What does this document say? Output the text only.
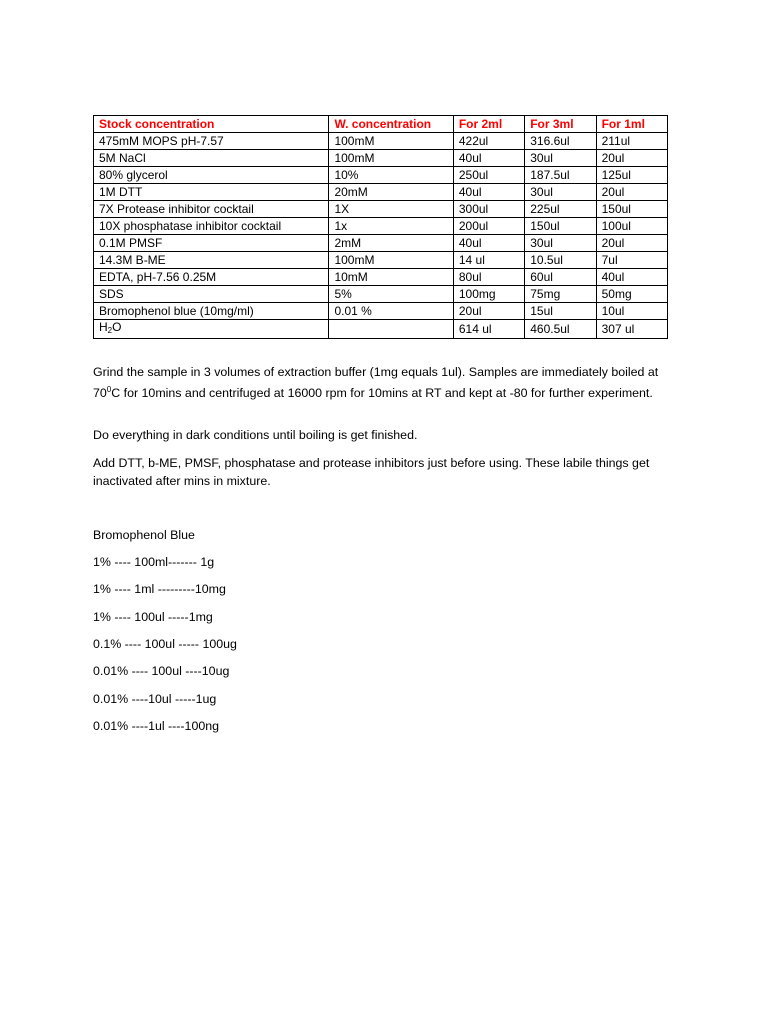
Stock concentration	W. concentration	For 2ml	For 3ml	For 1ml
475mM MOPS pH-7.57	100mM	422ul	316.6ul	211ul
5M NaCl	100mM	40ul	30ul	20ul
80% glycerol	10%	250ul	187.5ul	125ul
1M DTT	20mM	40ul	30ul	20ul
7X Protease inhibitor cocktail	1X	300ul	225ul	150ul
10X phosphatase inhibitor cocktail	1x	200ul	150ul	100ul
0.1M PMSF	2mM	40ul	30ul	20ul
14.3M B-ME	100mM	14 ul	10.5ul	7ul
EDTA, pH-7.56 0.25M	10mM	80ul	60ul	40ul
SDS	5%	100mg	75mg	50mg
Bromophenol blue (10mg/ml)	0.01 %	20ul	15ul	10ul
$H_2O$		614 ul	460.5ul	307 ul
Grind the sample in 3 volumes of extraction buffer (1mg equals 1ul). Samples are immediately boiled at $70^0C$ for 10mins and centrifuged at 16000 rpm for 10mins at RT and kept at -80 for further experiment.
Do everything in dark conditions until boiling is get finished.
Add DTT, b-ME, PMSF, phosphatase and protease inhibitors just before using. These labile things get inactivated after mins in mixture.
Bromophenol Blue
1% ---- 100ml------- 1g
1% ---- 1ml ---------10mg
1% ---- 100ul -----1mg
0.1% ---- 100ul ----- 100ug
0.01% ---- 100ul ----10ug
0.01% ----10ul -----1ug
0.01% ----1ul ----100ng
